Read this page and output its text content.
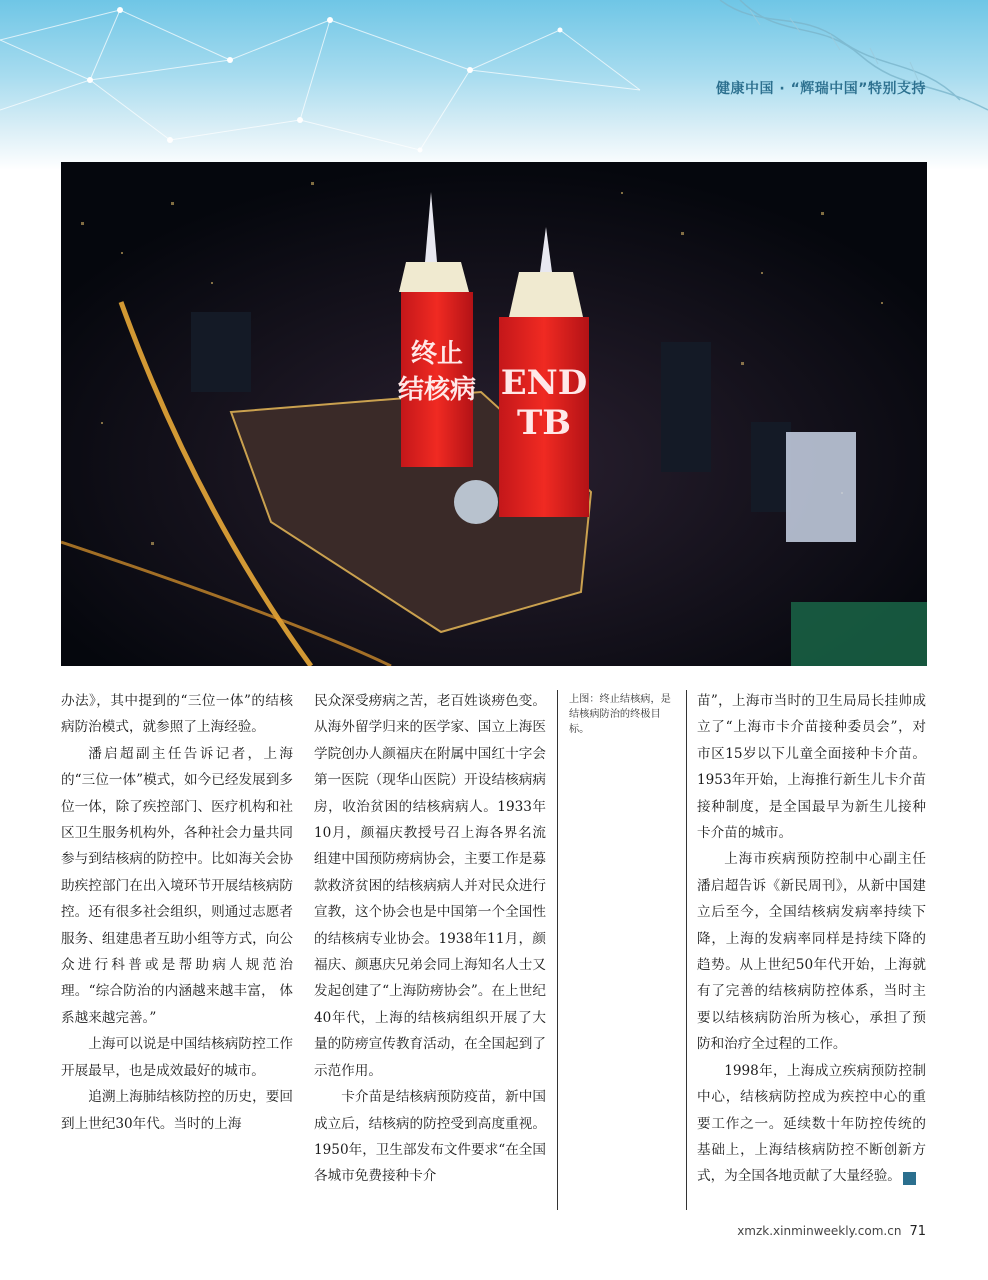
健康中国 · “辉瑞中国”特别支持
终止
结核病 END
TB

办法》，其中提到的“三位一体”的结核病防治模式，就参照了上海经验。

潘启超副主任告诉记者，上海的“三位一体”模式，如今已经发展到多位一体，除了疾控部门、医疗机构和社区卫生服务机构外，各种社会力量共同参与到结核病的防控中。比如海关会协助疾控部门在出入境环节开展结核病防控。还有很多社会组织，则通过志愿者服务、组建患者互助小组等方式，向公众进行科普或是帮助病人规范治理。“综合防治的内涵越来越丰富， 体系越来越完善。”

上海可以说是中国结核病防控工作开展最早，也是成效最好的城市。

追溯上海肺结核防控的历史，要回到上世纪30年代。当时的上海

民众深受痨病之苦，老百姓谈痨色变。从海外留学归来的医学家、国立上海医学院创办人颜福庆在附属中国红十字会第一医院（现华山医院）开设结核病病房，收治贫困的结核病病人。1933年10月，颜福庆教授号召上海各界名流组建中国预防痨病协会，主要工作是募款救济贫困的结核病病人并对民众进行宣教，这个协会也是中国第一个全国性的结核病专业协会。1938年11月，颜福庆、颜惠庆兄弟会同上海知名人士又发起创建了“上海防痨协会”。在上世纪40年代，上海的结核病组织开展了大量的防痨宣传教育活动，在全国起到了示范作用。

卡介苗是结核病预防疫苗，新中国成立后，结核病的防控受到高度重视。1950年，卫生部发布文件要求“在全国各城市免费接种卡介

上图：终止结核病，是结核病防治的终极目标。

苗”，上海市当时的卫生局局长挂帅成立了“上海市卡介苗接种委员会”，对市区15岁以下儿童全面接种卡介苗。1953年开始，上海推行新生儿卡介苗接种制度，是全国最早为新生儿接种卡介苗的城市。

上海市疾病预防控制中心副主任潘启超告诉《新民周刊》，从新中国建立后至今，全国结核病发病率持续下降，上海的发病率同样是持续下降的趋势。从上世纪50年代开始，上海就有了完善的结核病防控体系，当时主要以结核病防治所为核心，承担了预防和治疗全过程的工作。

1998年，上海成立疾病预防控制中心，结核病防控成为疾控中心的重要工作之一。延续数十年防控传统的基础上，上海结核病防控不断创新方式，为全国各地贡献了大量经验。	民

xmzk.xinminweekly.com.cn 71
